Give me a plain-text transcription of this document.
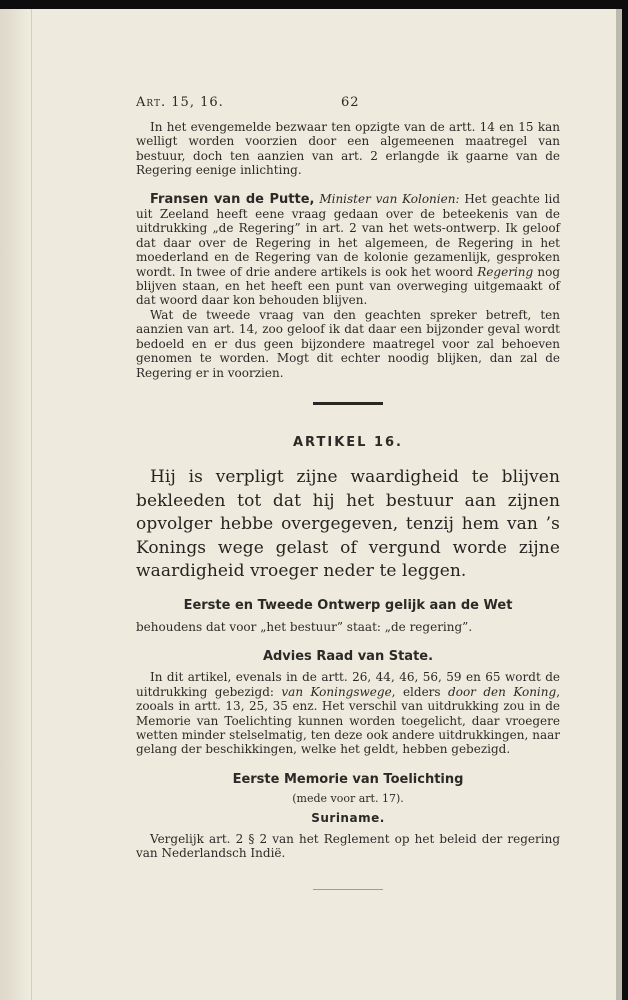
Art. 15, 16.	62

In het evengemelde bezwaar ten opzigte van de artt. 14 en 15 kan welligt worden voorzien door een algemeenen maatregel van bestuur, doch ten aanzien van art. 2 erlangde ik gaarne van de Regering eenige inlichting.

Fransen van de Putte, Minister van Kolonien: Het geachte lid uit Zeeland heeft eene vraag gedaan over de beteekenis van de uitdrukking „de Regering” in art. 2 van het wets-ontwerp. Ik geloof dat daar over de Regering in het algemeen, de Regering in het moederland en de Regering van de kolonie gezamenlijk, gesproken wordt. In twee of drie andere artikels is ook het woord Regering nog blijven staan, en het heeft een punt van overweging uitgemaakt of dat woord daar kon behouden blijven.

Wat de tweede vraag van den geachten spreker betreft, ten aanzien van art. 14, zoo geloof ik dat daar een bijzonder geval wordt bedoeld en er dus geen bijzondere maatregel voor zal behoeven genomen te worden. Mogt dit echter noodig blijken, dan zal de Regering er in voorzien.

ARTIKEL 16.

Hij is verpligt zijne waardigheid te blijven bekleeden tot dat hij het bestuur aan zijnen opvolger hebbe overgegeven, tenzij hem van ’s Konings wege gelast of vergund worde zijne waardigheid vroeger neder te leggen.

Eerste en Tweede Ontwerp gelijk aan de Wet

behoudens dat voor „het bestuur” staat: „de regering”.

Advies Raad van State.

In dit artikel, evenals in de artt. 26, 44, 46, 56, 59 en 65 wordt de uitdrukking gebezigd: van Koningswege, elders door den Koning, zooals in artt. 13, 25, 35 enz. Het verschil van uitdrukking zou in de Memorie van Toelichting kunnen worden toegelicht, daar vroegere wetten minder stelselmatig, ten deze ook andere uitdrukkingen, naar gelang der beschikkingen, welke het geldt, hebben gebezigd.

Eerste Memorie van Toelichting
(mede voor art. 17).
Suriname.

Vergelijk art. 2 § 2 van het Reglement op het beleid der regering van Nederlandsch Indië.
